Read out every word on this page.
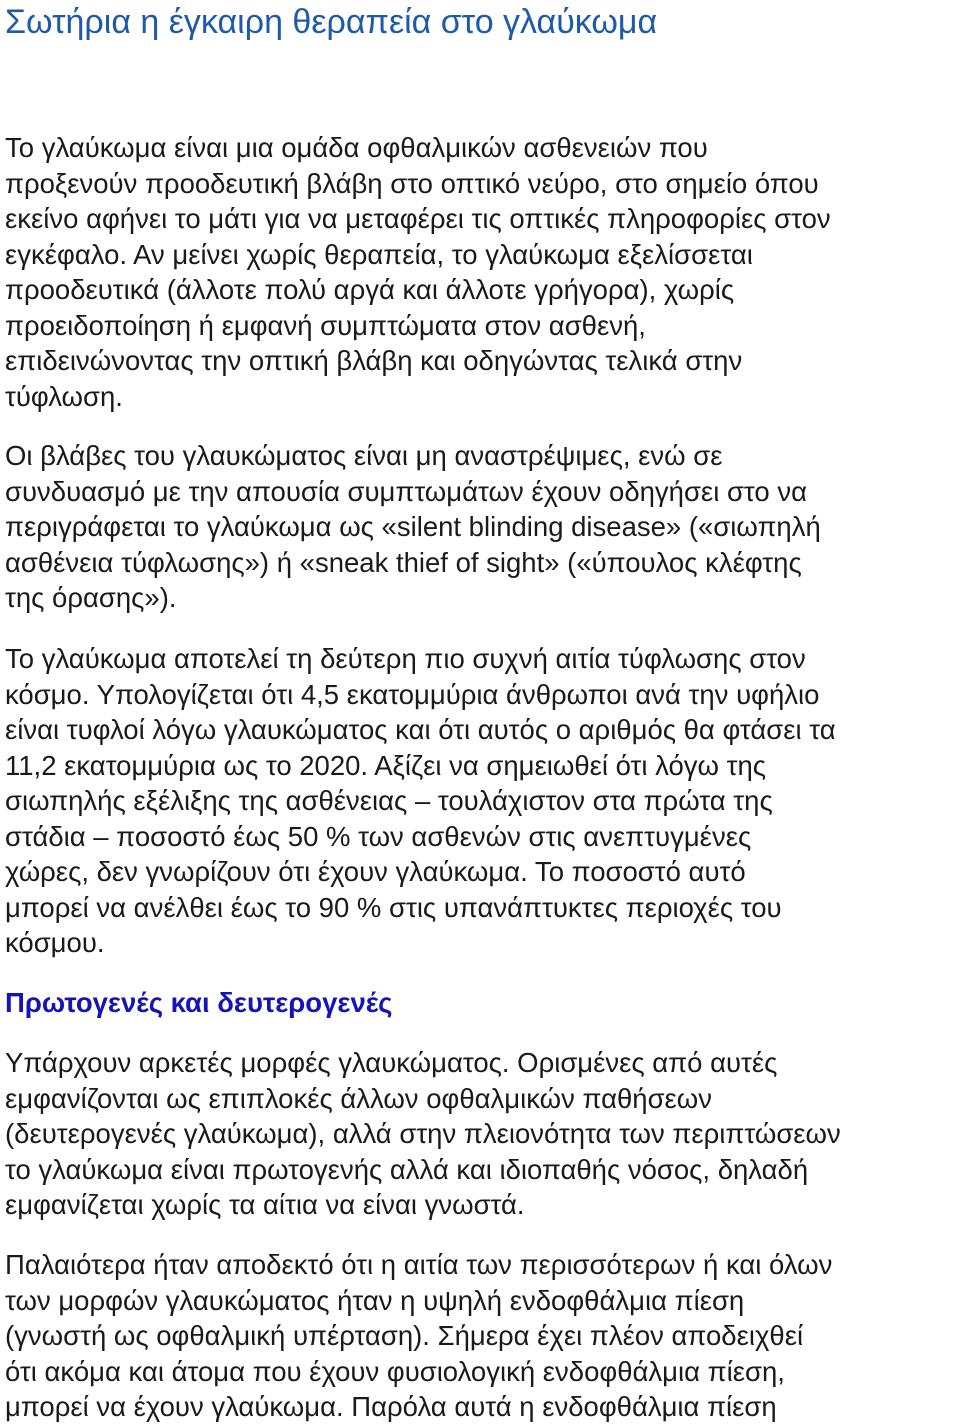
Σωτήρια η έγκαιρη θεραπεία στο γλαύκωμα
Το γλαύκωμα είναι μια ομάδα οφθαλμικών ασθενειών που
προξενούν προοδευτική βλάβη στο οπτικό νεύρο, στο σημείο όπου
εκείνο αφήνει το μάτι για να μεταφέρει τις οπτικές πληροφορίες στον
εγκέφαλο. Αν μείνει χωρίς θεραπεία, το γλαύκωμα εξελίσσεται
προοδευτικά (άλλοτε πολύ αργά και άλλοτε γρήγορα), χωρίς
προειδοποίηση ή εμφανή συμπτώματα στον ασθενή,
επιδεινώνοντας την οπτική βλάβη και οδηγώντας τελικά στην
τύφλωση.
Οι βλάβες του γλαυκώματος είναι μη αναστρέψιμες, ενώ σε
συνδυασμό με την απουσία συμπτωμάτων έχουν οδηγήσει στο να
περιγράφεται το γλαύκωμα ως «silent blinding disease» («σιωπηλή
ασθένεια τύφλωσης») ή «sneak thief of sight» («ύπουλος κλέφτης
της όρασης»).
Το γλαύκωμα αποτελεί τη δεύτερη πιο συχνή αιτία τύφλωσης στον
κόσμο. Υπολογίζεται ότι 4,5 εκατομμύρια άνθρωποι ανά την υφήλιο
είναι τυφλοί λόγω γλαυκώματος και ότι αυτός ο αριθμός θα φτάσει τα
11,2 εκατομμύρια ως το 2020. Αξίζει να σημειωθεί ότι λόγω της
σιωπηλής εξέλιξης της ασθένειας – τουλάχιστον στα πρώτα της
στάδια – ποσοστό έως 50 % των ασθενών στις ανεπτυγμένες
χώρες, δεν γνωρίζουν ότι έχουν γλαύκωμα. Το ποσοστό αυτό
μπορεί να ανέλθει έως το 90 % στις υπανάπτυκτες περιοχές του
κόσμου.
Πρωτογενές και δευτερογενές
Υπάρχουν αρκετές μορφές γλαυκώματος. Ορισμένες από αυτές
εμφανίζονται ως επιπλοκές άλλων οφθαλμικών παθήσεων
(δευτερογενές γλαύκωμα), αλλά στην πλειονότητα των περιπτώσεων
το γλαύκωμα είναι πρωτογενής αλλά και ιδιοπαθής νόσος, δηλαδή
εμφανίζεται χωρίς τα αίτια να είναι γνωστά.
Παλαιότερα ήταν αποδεκτό ότι η αιτία των περισσότερων ή και όλων
των μορφών γλαυκώματος ήταν η υψηλή ενδοφθάλμια πίεση
(γνωστή ως οφθαλμική υπέρταση). Σήμερα έχει πλέον αποδειχθεί
ότι ακόμα και άτομα που έχουν φυσιολογική ενδοφθάλμια πίεση,
μπορεί να έχουν γλαύκωμα. Παρόλα αυτά η ενδοφθάλμια πίεση
